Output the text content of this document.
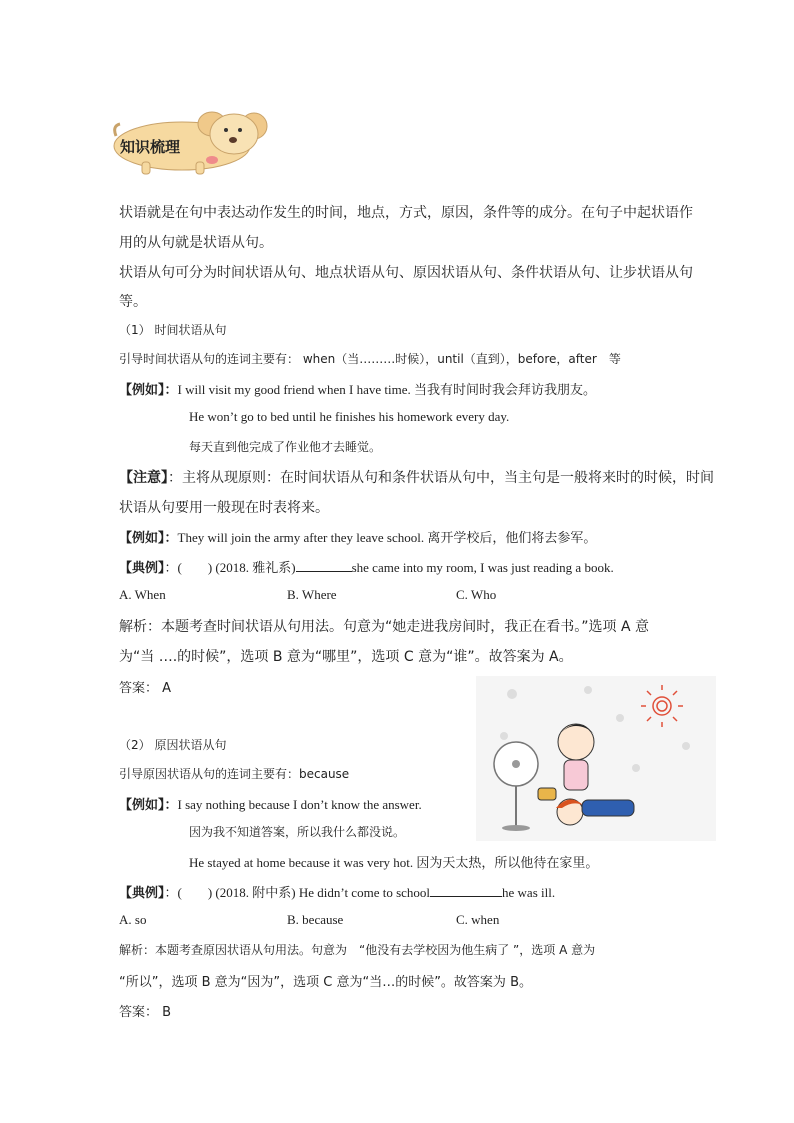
知识梳理
状语就是在句中表达动作发生的时间，地点，方式，原因，条件等的成分。在句子中起状语作
用的从句就是状语从句。
状语从句可分为时间状语从句、地点状语从句、原因状语从句、条件状语从句、让步状语从句
等。
（1） 时间状语从句
引导时间状语从句的连词主要有： when（当………时候），until（直到），before，after　等
【例如】：I will visit my good friend when I have time. 当我有时间时我会拜访我朋友。
He won’t go to bed until he finishes his homework every day.
每天直到他完成了作业他才去睡觉。
【注意】：主将从现原则：在时间状语从句和条件状语从句中，当主句是一般将来时的时候，时间
状语从句要用一般现在时表将来。
【例如】：They will join the army after they leave school. 离开学校后，他们将去参军。
【典例】：(　　) (2018. 雅礼系)	she came into my room, I was just reading a book.
A. When	B. Where	C. Who
解析：本题考查时间状语从句用法。句意为“她走进我房间时，我正在看书。”选项 A 意
为“当 ….的时候”，选项 B 意为“哪里”，选项 C 意为“谁”。故答案为 A。
答案： A
（2） 原因状语从句
引导原因状语从句的连词主要有：because
【例如】：I say nothing because I don’t know the answer.
因为我不知道答案，所以我什么都没说。
He stayed at home because it was very hot. 因为天太热，所以他待在家里。
【典例】：(　　) (2018. 附中系) He didn’t come to school	he was ill.
A. so	B. because	C. when
解析：本题考查原因状语从句用法。句意为　“他没有去学校因为他生病了 ”，选项 A 意为
“所以”，选项 B 意为“因为”，选项 C 意为“当…的时候”。故答案为 B。
答案： B
